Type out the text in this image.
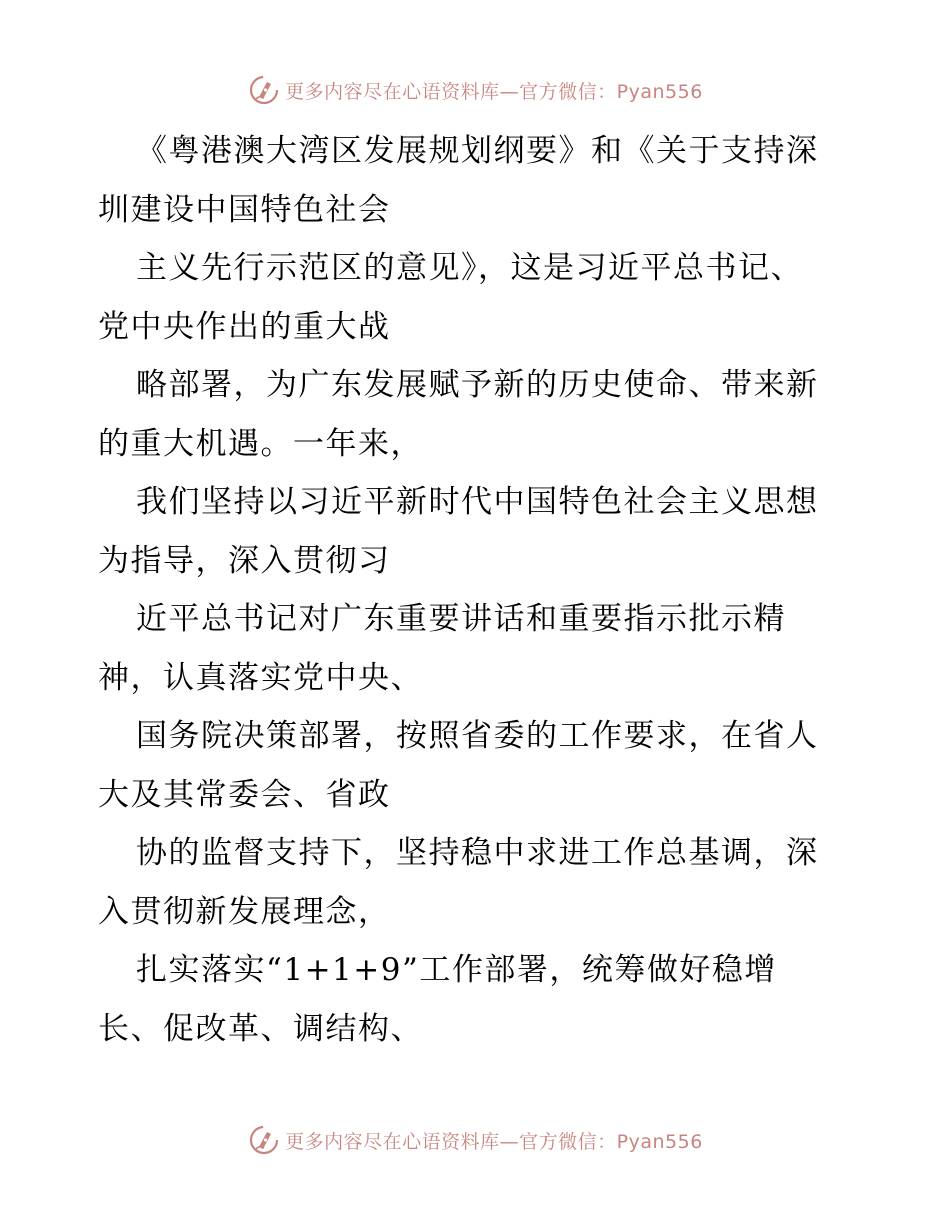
更多内容尽在心语资料库—官方微信：Pyan556
《粤港澳大湾区发展规划纲要》和《关于支持深
圳建设中国特色社会
主义先行示范区的意见》，这是习近平总书记、
党中央作出的重大战
略部署，为广东发展赋予新的历史使命、带来新
的重大机遇。一年来，
我们坚持以习近平新时代中国特色社会主义思想
为指导，深入贯彻习
近平总书记对广东重要讲话和重要指示批示精
神，认真落实党中央、
国务院决策部署，按照省委的工作要求，在省人
大及其常委会、省政
协的监督支持下，坚持稳中求进工作总基调，深
入贯彻新发展理念，
扎实落实“1+1+9”工作部署，统筹做好稳增
长、促改革、调结构、
更多内容尽在心语资料库—官方微信：Pyan556
